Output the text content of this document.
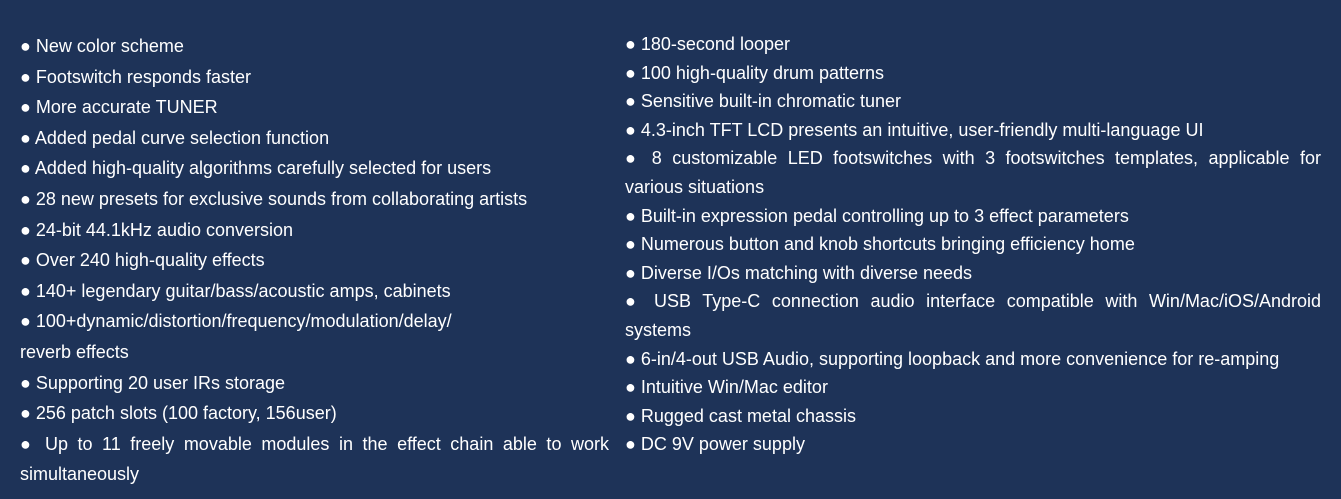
● New color scheme
● Footswitch responds faster
● More accurate TUNER
● Added pedal curve selection function
● Added high-quality algorithms carefully selected for users
● 28 new presets for exclusive sounds from collaborating artists
● 24-bit 44.1kHz audio conversion
● Over 240 high-quality effects
● 140+ legendary guitar/bass/acoustic amps, cabinets
● 100+dynamic/distortion/frequency/modulation/delay/
reverb effects
● Supporting 20 user IRs storage
● 256 patch slots (100 factory, 156user)
● Up to 11 freely movable modules in the effect chain able to work simultaneously
● 180-second looper
● 100 high-quality drum patterns
● Sensitive built-in chromatic tuner
● 4.3-inch TFT LCD presents an intuitive, user-friendly multi-language UI
● 8 customizable LED footswitches with 3 footswitches templates, applicable for various situations
● Built-in expression pedal controlling up to 3 effect parameters
● Numerous button and knob shortcuts bringing efficiency home
● Diverse I/Os matching with diverse needs
● USB Type-C connection audio interface compatible with Win/Mac/iOS/Android systems
● 6-in/4-out USB Audio, supporting loopback and more convenience for re-amping
● Intuitive Win/Mac editor
● Rugged cast metal chassis
● DC 9V power supply
